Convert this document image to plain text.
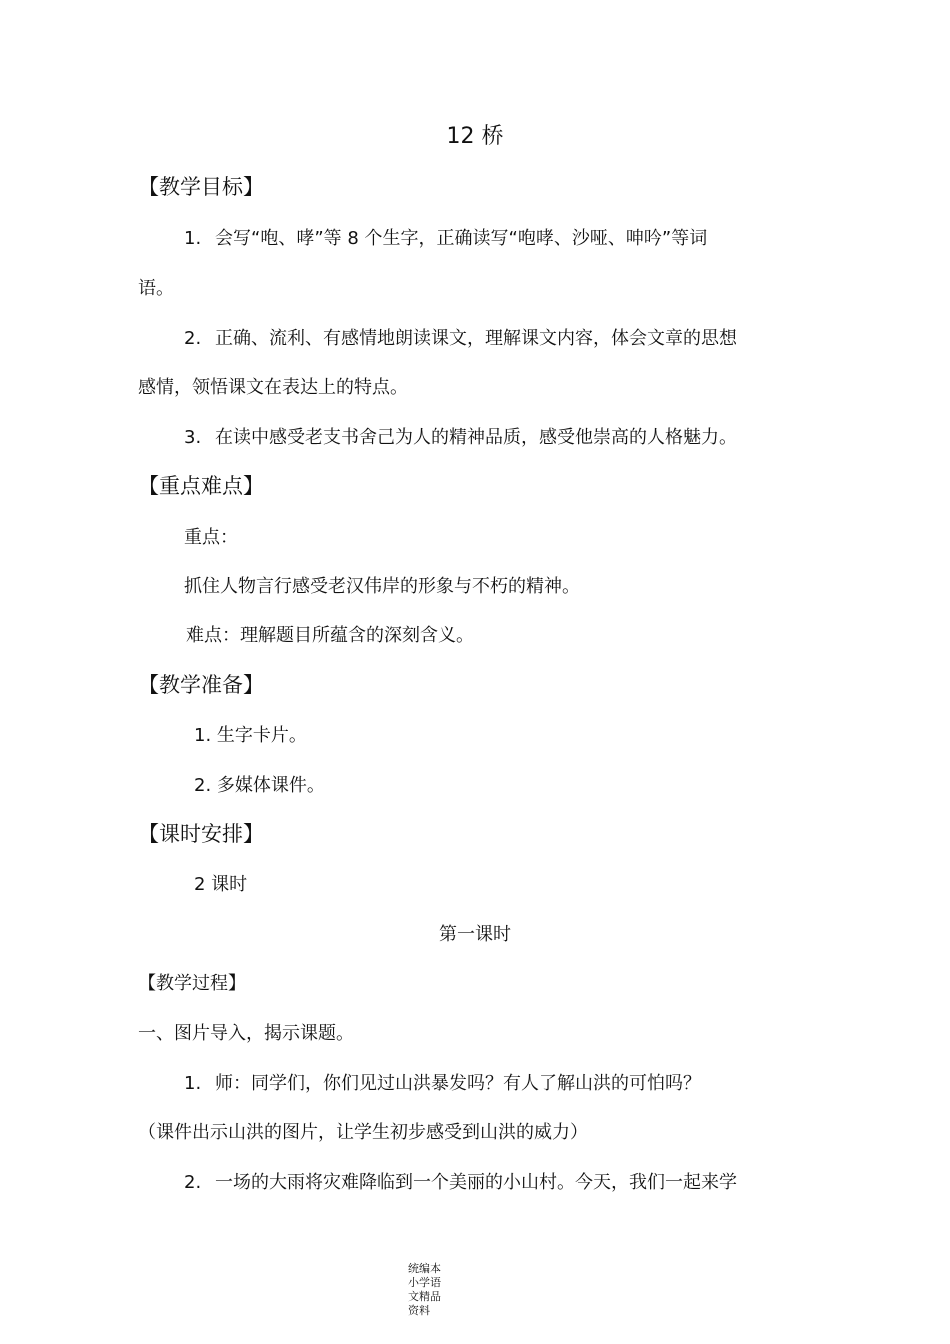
12 桥
【教学目标】
1. 会写“咆、哮”等 8 个生字，正确读写“咆哮、沙哑、呻吟”等词
语。
2. 正确、流利、有感情地朗读课文，理解课文内容，体会文章的思想
感情，领悟课文在表达上的特点。
3. 在读中感受老支书舍己为人的精神品质，感受他崇高的人格魅力。
【重点难点】
重点：
抓住人物言行感受老汉伟岸的形象与不朽的精神。
难点：理解题目所蕴含的深刻含义。
【教学准备】
1. 生字卡片。
2. 多媒体课件。
【课时安排】
2 课时
第一课时
【教学过程】
一、图片导入，揭示课题。
1. 师：同学们，你们见过山洪暴发吗？有人了解山洪的可怕吗？
（课件出示山洪的图片，让学生初步感受到山洪的威力）
2. 一场的大雨将灾难降临到一个美丽的小山村。今天，我们一起来学
统编本小学语文精品资料
